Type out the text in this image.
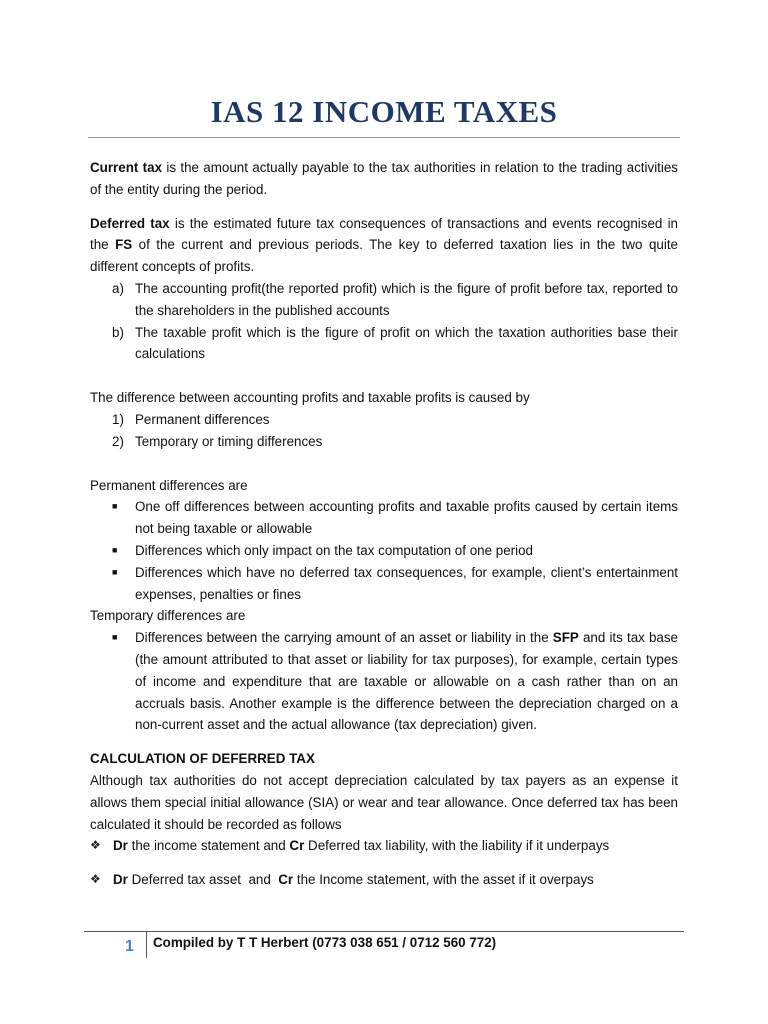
IAS 12 INCOME TAXES

Current tax is the amount actually payable to the tax authorities in relation to the trading activities of the entity during the period.

Deferred tax is the estimated future tax consequences of transactions and events recognised in the FS of the current and previous periods. The key to deferred taxation lies in the two quite different concepts of profits.

a) The accounting profit(the reported profit) which is the figure of profit before tax, reported to the shareholders in the published accounts
b) The taxable profit which is the figure of profit on which the taxation authorities base their calculations

The difference between accounting profits and taxable profits is caused by

1) Permanent differences
2) Temporary or timing differences

Permanent differences are

■ One off differences between accounting profits and taxable profits caused by certain items not being taxable or allowable
■ Differences which only impact on the tax computation of one period
■ Differences which have no deferred tax consequences, for example, client’s entertainment expenses, penalties or fines

Temporary differences are

■ Differences between the carrying amount of an asset or liability in the SFP and its tax base (the amount attributed to that asset or liability for tax purposes), for example, certain types of income and expenditure that are taxable or allowable on a cash rather than on an accruals basis. Another example is the difference between the depreciation charged on a non-current asset and the actual allowance (tax depreciation) given.

CALCULATION OF DEFERRED TAX

Although tax authorities do not accept depreciation calculated by tax payers as an expense it allows them special initial allowance (SIA) or wear and tear allowance. Once deferred tax has been calculated it should be recorded as follows

❖ Dr the income statement and Cr Deferred tax liability, with the liability if it underpays
❖ Dr Deferred tax asset  and  Cr the Income statement, with the asset if it overpays
1 Compiled by T T Herbert (0773 038 651 / 0712 560 772)
